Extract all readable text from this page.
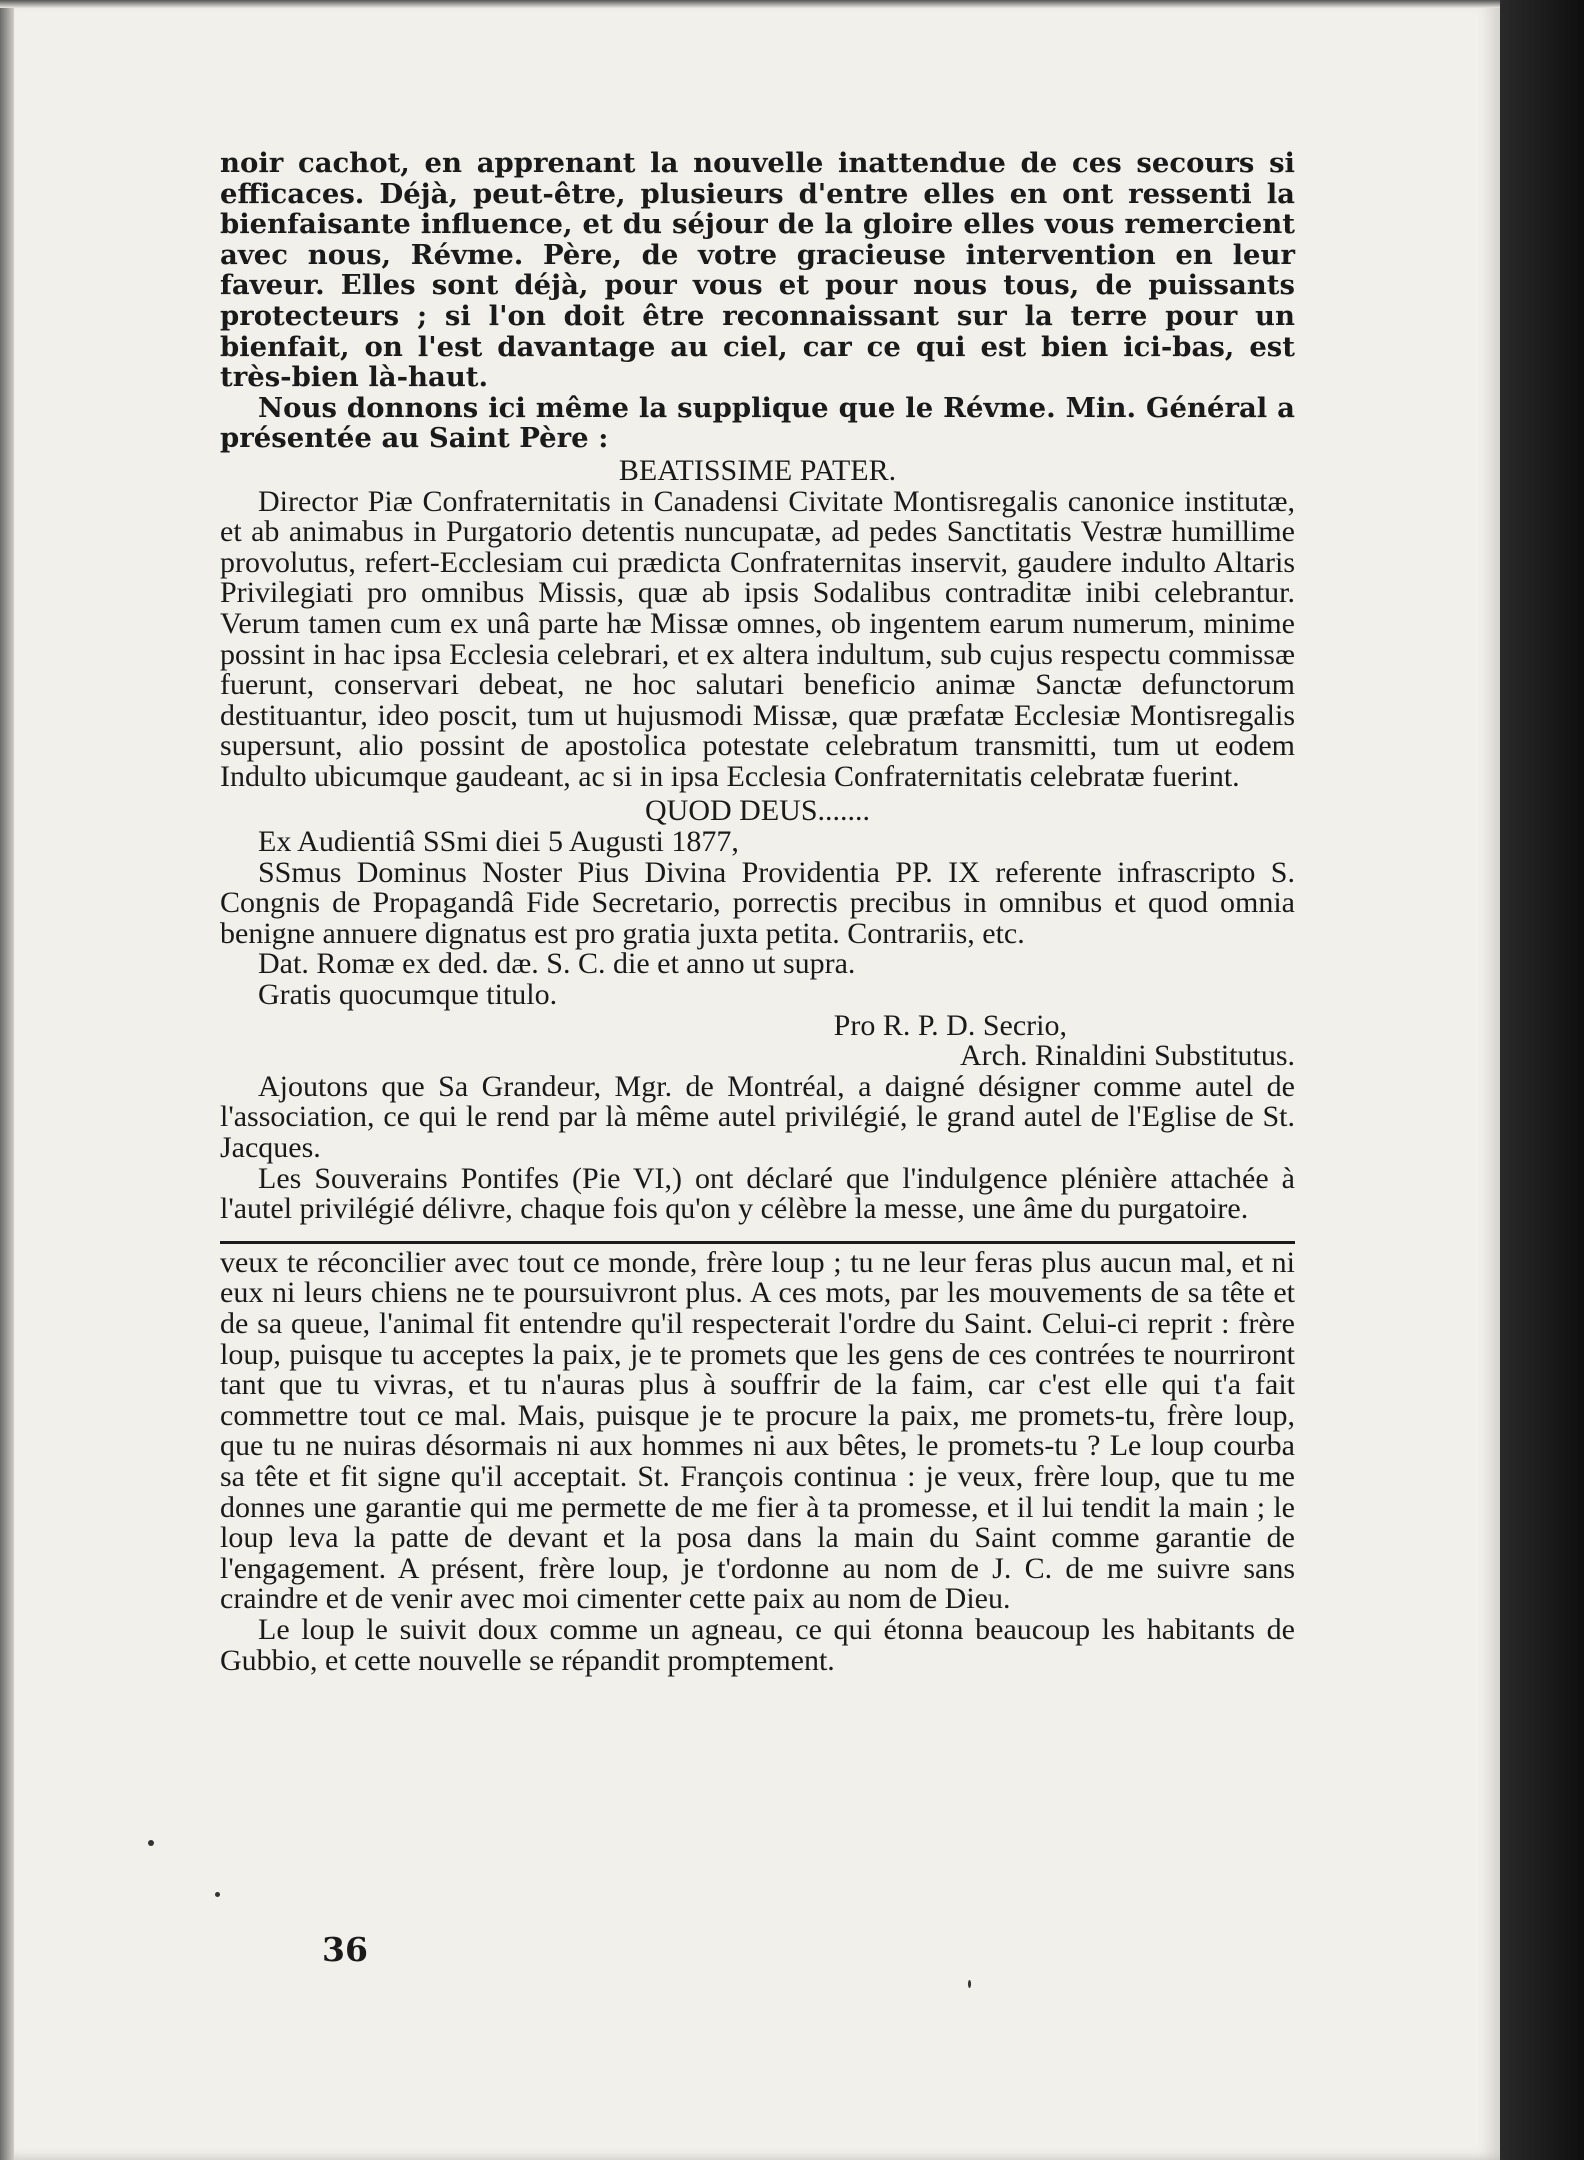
noir cachot, en apprenant la nouvelle inattendue de ces secours si efficaces. Déjà, peut-être, plusieurs d'entre elles en ont ressenti la bienfaisante influence, et du séjour de la gloire elles vous remercient avec nous, Révme. Père, de votre gracieuse intervention en leur faveur. Elles sont déjà, pour vous et pour nous tous, de puissants protecteurs ; si l'on doit être reconnaissant sur la terre pour un bienfait, on l'est davantage au ciel, car ce qui est bien ici-bas, est très-bien là-haut.

Nous donnons ici même la supplique que le Révme. Min. Général a présentée au Saint Père :

BEATISSIME PATER.

Director Piæ Confraternitatis in Canadensi Civitate Montisregalis canonice institutæ, et ab animabus in Purgatorio detentis nuncupatæ, ad pedes Sanctitatis Vestræ humillime provolutus, refert-Ecclesiam cui prædicta Confraternitas inservit, gaudere indulto Altaris Privilegiati pro omnibus Missis, quæ ab ipsis Sodalibus contraditæ inibi celebrantur. Verum tamen cum ex unâ parte hæ Missæ omnes, ob ingentem earum numerum, minime possint in hac ipsa Ecclesia celebrari, et ex altera indultum, sub cujus respectu commissæ fuerunt, conservari debeat, ne hoc salutari beneficio animæ Sanctæ defunctorum destituantur, ideo poscit, tum ut hujusmodi Missæ, quæ præfatæ Ecclesiæ Montisregalis supersunt, alio possint de apostolica potestate celebratum transmitti, tum ut eodem Indulto ubicumque gaudeant, ac si in ipsa Ecclesia Confraternitatis celebratæ fuerint.

QUOD DEUS.......

Ex Audientiâ SSmi diei 5 Augusti 1877,

SSmus Dominus Noster Pius Divina Providentia PP. IX referente infrascripto S. Congnis de Propagandâ Fide Secretario, porrectis precibus in omnibus et quod omnia benigne annuere dignatus est pro gratia juxta petita. Contrariis, etc.

Dat. Romæ ex ded. dæ. S. C. die et anno ut supra.

Gratis quocumque titulo.

Pro R. P. D. Secrio,

Arch. Rinaldini Substitutus.

Ajoutons que Sa Grandeur, Mgr. de Montréal, a daigné désigner comme autel de l'association, ce qui le rend par là même autel privilégié, le grand autel de l'Eglise de St. Jacques.

Les Souverains Pontifes (Pie VI,) ont déclaré que l'indulgence plénière attachée à l'autel privilégié délivre, chaque fois qu'on y célèbre la messe, une âme du purgatoire.

veux te réconcilier avec tout ce monde, frère loup ; tu ne leur feras plus aucun mal, et ni eux ni leurs chiens ne te poursuivront plus. A ces mots, par les mouvements de sa tête et de sa queue, l'animal fit entendre qu'il respecterait l'ordre du Saint. Celui-ci reprit : frère loup, puisque tu acceptes la paix, je te promets que les gens de ces contrées te nourriront tant que tu vivras, et tu n'auras plus à souffrir de la faim, car c'est elle qui t'a fait commettre tout ce mal. Mais, puisque je te procure la paix, me promets-tu, frère loup, que tu ne nuiras désormais ni aux hommes ni aux bêtes, le promets-tu ? Le loup courba sa tête et fit signe qu'il acceptait. St. François continua : je veux, frère loup, que tu me donnes une garantie qui me permette de me fier à ta promesse, et il lui tendit la main ; le loup leva la patte de devant et la posa dans la main du Saint comme garantie de l'engagement. A présent, frère loup, je t'ordonne au nom de J. C. de me suivre sans craindre et de venir avec moi cimenter cette paix au nom de Dieu.

Le loup le suivit doux comme un agneau, ce qui étonna beaucoup les habitants de Gubbio, et cette nouvelle se répandit promptement.

36
